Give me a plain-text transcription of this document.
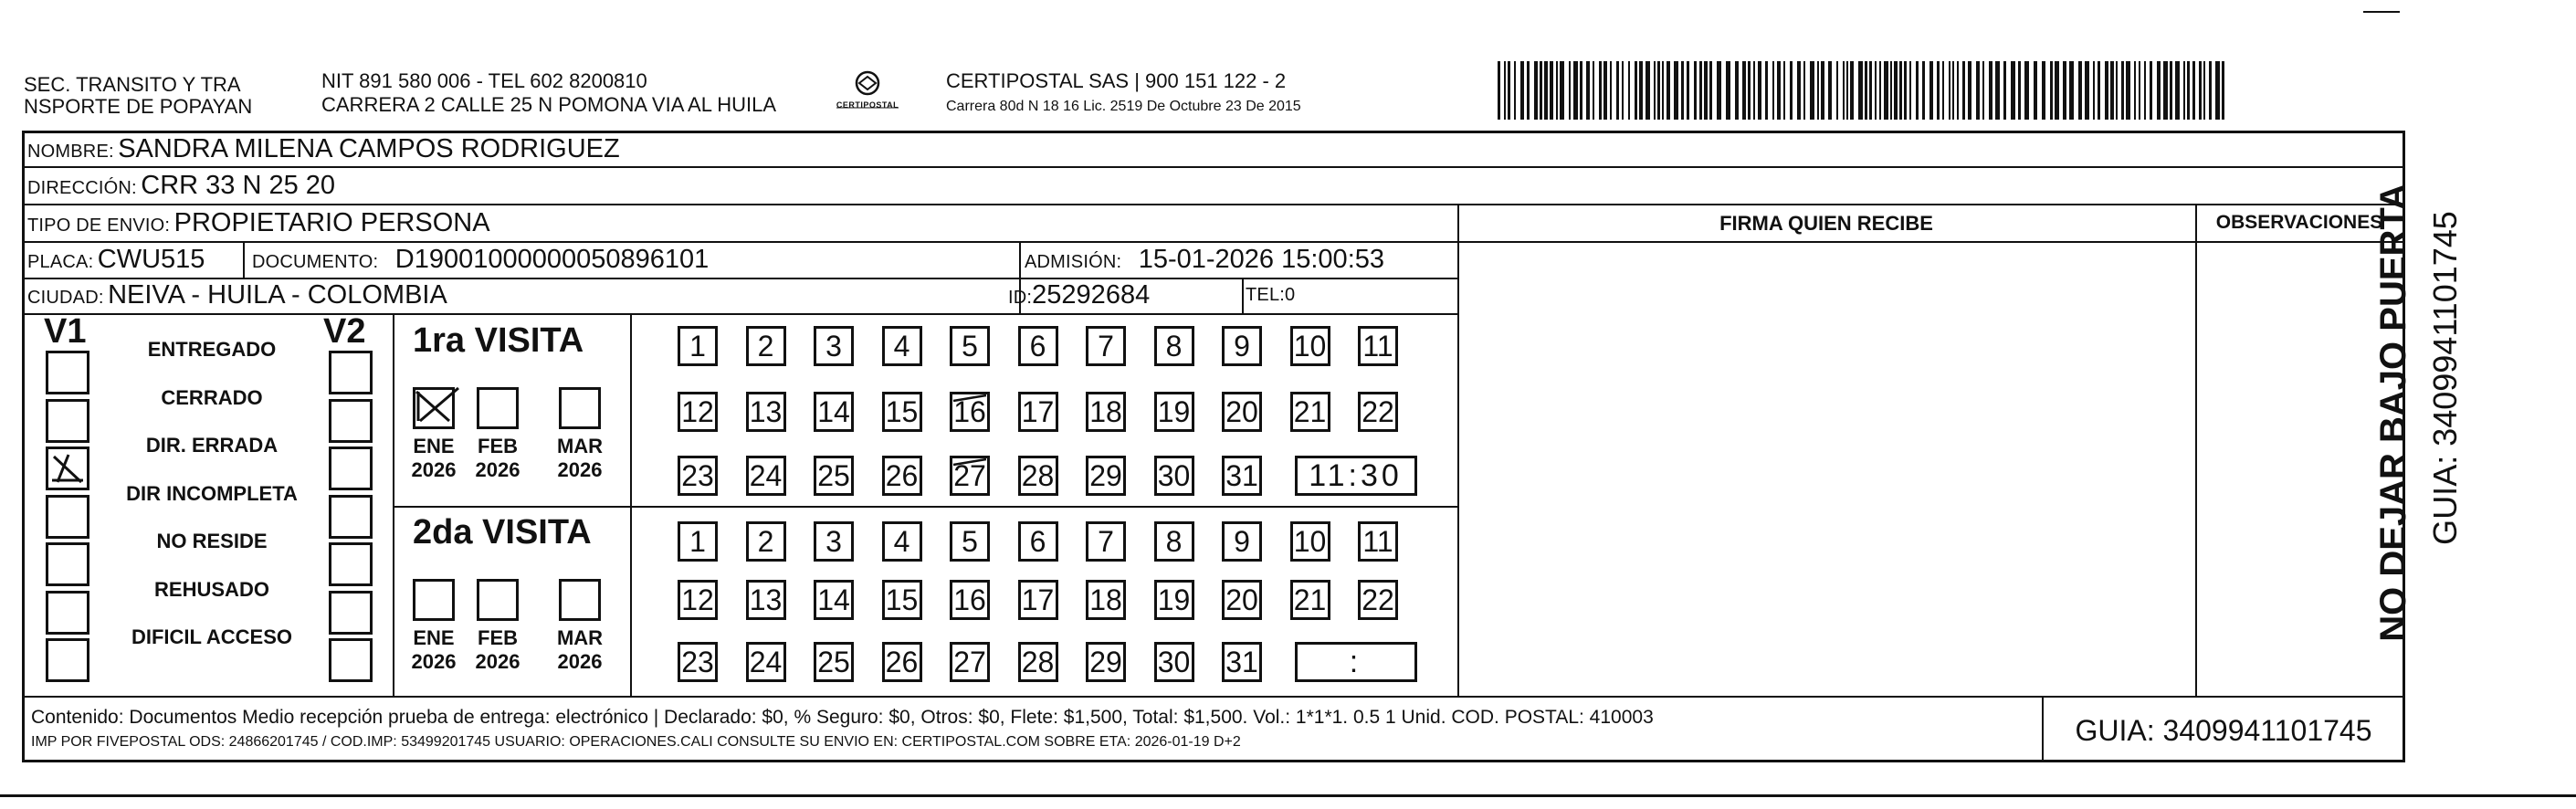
SEC. TRANSITO Y TRA
NSPORTE DE POPAYAN
NIT 891 580 006 - TEL 602 8200810
CARRERA 2 CALLE 25 N POMONA VIA AL HUILA	CERTIPOSTAL
CERTIPOSTAL SAS | 900 151 122 - 2
Carrera 80d N 18 16 Lic. 2519 De Octubre 23 De 2015
NOMBRE: SANDRA MILENA CAMPOS RODRIGUEZ
DIRECCIÓN: CRR 33 N 25 20
TIPO DE ENVIO: PROPIETARIO PERSONA	FIRMA QUIEN RECIBE	OBSERVACIONES
PLACA: CWU515	DOCUMENTO: D19001000000050896101	ADMISIÓN: 15-01-2026 15:00:53
CIUDAD: NEIVA - HUILA - COLOMBIA	ID:25292684	TEL:0
V1	V2
ENTREGADO
CERRADO
DIR. ERRADA
DIR INCOMPLETA
NO RESIDE
REHUSADO
DIFICIL ACCESO
1ra VISITA
ENE
2026
FEB
2026
MAR
2026
1 2 3 4 5 6 7 8 9 10 11
12 13 14 15 16 17 18 19 20 21 22
23 24 25 26 27 28 29 30 31 11:30
2da VISITA
ENE
2026
FEB
2026
MAR
2026
1 2 3 4 5 6 7 8 9 10 11
12 13 14 15 16 17 18 19 20 21 22
23 24 25 26 27 28 29 30 31	:
Contenido: Documentos Medio recepción prueba de entrega: electrónico | Declarado: $0, % Seguro: $0, Otros: $0, Flete: $1,500, Total: $1,500. Vol.: 1*1*1. 0.5 1 Unid. COD. POSTAL: 410003
IMP POR FIVEPOSTAL ODS: 24866201745 / COD.IMP: 53499201745 USUARIO: OPERACIONES.CALI CONSULTE SU ENVIO EN: CERTIPOSTAL.COM SOBRE ETA: 2026-01-19 D+2	GUIA: 3409941101745
NO DEJAR BAJO PUERTA GUIA: 3409941101745
